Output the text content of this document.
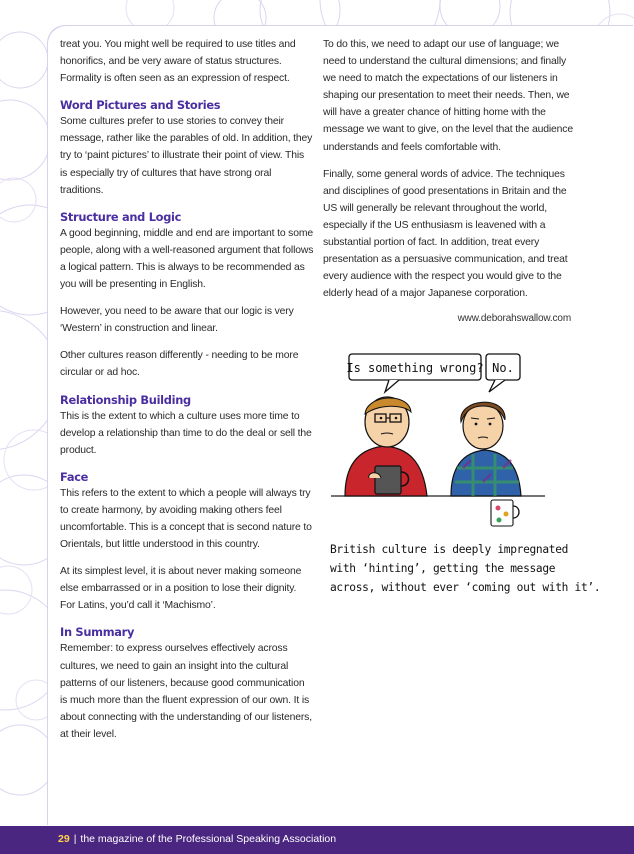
treat you. You might well be required to use titles and honorifics, and be very aware of status structures. Formality is often seen as an expression of respect.

Word Pictures and Stories

Some cultures prefer to use stories to convey their message, rather like the parables of old. In addition, they try to ‘paint pictures’ to illustrate their point of view. This is especially try of cultures that have strong oral traditions.

Structure and Logic

A good beginning, middle and end are important to some people, along with a well-reasoned argument that follows a logical pattern. This is always to be recommended as you will be presenting in English.

However, you need to be aware that our logic is very ‘Western’ in construction and linear.

Other cultures reason differently - needing to be more circular or ad hoc.

Relationship Building

This is the extent to which a culture uses more time to develop a relationship than time to do the deal or sell the product.

Face

This refers to the extent to which a people will always try to create harmony, by avoiding making others feel uncomfortable. This is a concept that is second nature to Orientals, but little understood in this country.

At its simplest level, it is about never making someone else embarrassed or in a position to lose their dignity. For Latins, you’d call it ‘Machismo’.

In Summary

Remember: to express ourselves effectively across cultures, we need to gain an insight into the cultural patterns of our listeners, because good communication is much more than the fluent expression of our own. It is about connecting with the understanding of our listeners, at their level.

To do this, we need to adapt our use of language; we need to understand the cultural dimensions; and finally we need to match the expectations of our listeners in shaping our presentation to meet their needs. Then, we will have a greater chance of hitting home with the message we want to give, on the level that the audience understands and feels comfortable with.

Finally, some general words of advice. The techniques and disciplines of good presentations in Britain and the US will generally be relevant throughout the world, especially if the US enthusiasm is leavened with a substantial portion of fact. In addition, treat every presentation as a persuasive communication, and treat every audience with the respect you would give to the elderly head of a major Japanese corporation.

www.deborahswallow.com

Is something wrong? No.
British culture is deeply impregnated
with ‘hinting’, getting the message
across, without ever ‘coming out with it’.
29 | the magazine of the Professional Speaking Association
